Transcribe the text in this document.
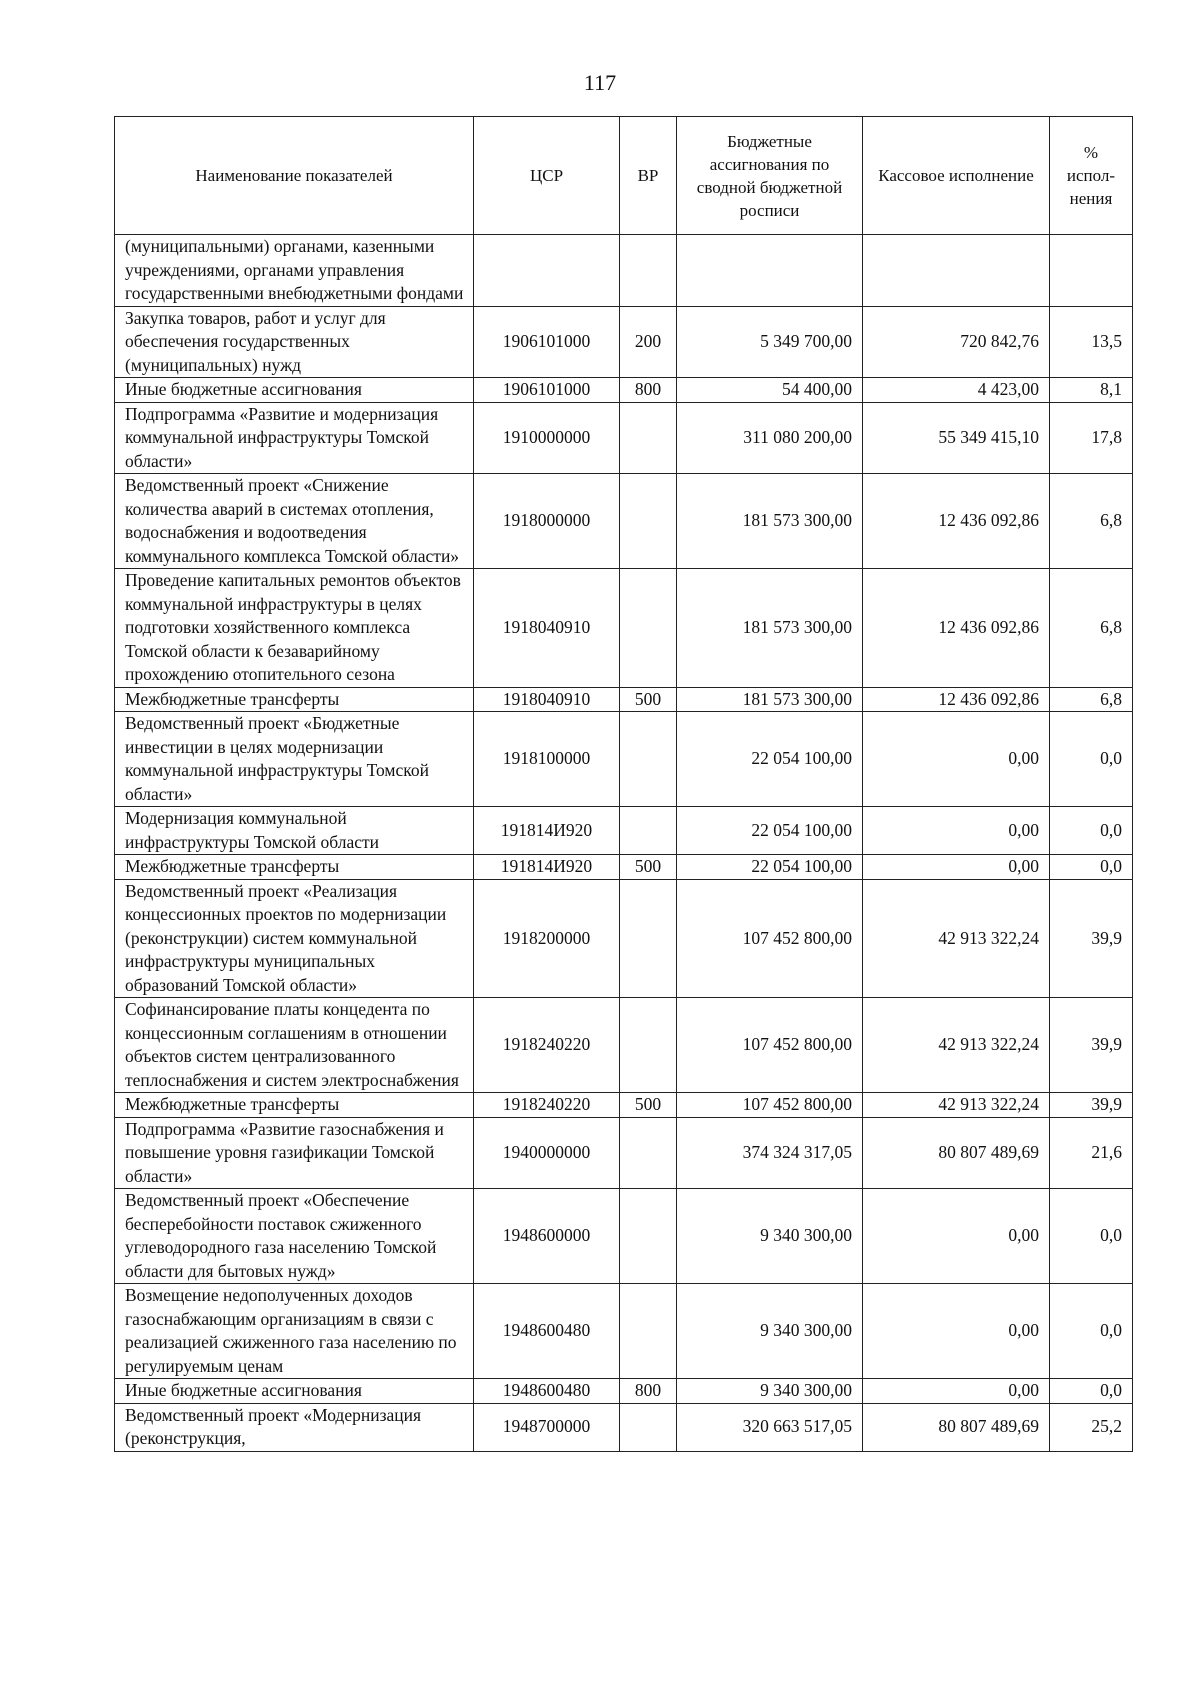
117
Наименование показателей	ЦСР	ВР	Бюджетные ассигнования по сводной бюджетной росписи	Кассовое исполнение	% испол-нения
(муниципальными) органами, казенными учреждениями, органами управления государственными внебюджетными фондами					
Закупка товаров, работ и услуг для обеспечения государственных (муниципальных) нужд	1906101000	200	5 349 700,00	720 842,76	13,5
Иные бюджетные ассигнования	1906101000	800	54 400,00	4 423,00	8,1
Подпрограмма «Развитие и модернизация коммунальной инфраструктуры Томской области»	1910000000		311 080 200,00	55 349 415,10	17,8
Ведомственный проект «Снижение количества аварий в системах отопления, водоснабжения и водоотведения коммунального комплекса Томской области»	1918000000		181 573 300,00	12 436 092,86	6,8
Проведение капитальных ремонтов объектов коммунальной инфраструктуры в целях подготовки хозяйственного комплекса Томской области к безаварийному прохождению отопительного сезона	1918040910		181 573 300,00	12 436 092,86	6,8
Межбюджетные трансферты	1918040910	500	181 573 300,00	12 436 092,86	6,8
Ведомственный проект «Бюджетные инвестиции в целях модернизации коммунальной инфраструктуры Томской области»	1918100000		22 054 100,00	0,00	0,0
Модернизация коммунальной инфраструктуры Томской области	191814И920		22 054 100,00	0,00	0,0
Межбюджетные трансферты	191814И920	500	22 054 100,00	0,00	0,0
Ведомственный проект «Реализация концессионных проектов по модернизации (реконструкции) систем коммунальной инфраструктуры муниципальных образований Томской области»	1918200000		107 452 800,00	42 913 322,24	39,9
Софинансирование платы концедента по концессионным соглашениям в отношении объектов систем централизованного теплоснабжения и систем электроснабжения	1918240220		107 452 800,00	42 913 322,24	39,9
Межбюджетные трансферты	1918240220	500	107 452 800,00	42 913 322,24	39,9
Подпрограмма «Развитие газоснабжения и повышение уровня газификации Томской области»	1940000000		374 324 317,05	80 807 489,69	21,6
Ведомственный проект «Обеспечение бесперебойности поставок сжиженного углеводородного газа населению Томской области для бытовых нужд»	1948600000		9 340 300,00	0,00	0,0
Возмещение недополученных доходов газоснабжающим организациям в связи с реализацией сжиженного газа населению по регулируемым ценам	1948600480		9 340 300,00	0,00	0,0
Иные бюджетные ассигнования	1948600480	800	9 340 300,00	0,00	0,0
Ведомственный проект «Модернизация (реконструкция,	1948700000		320 663 517,05	80 807 489,69	25,2
